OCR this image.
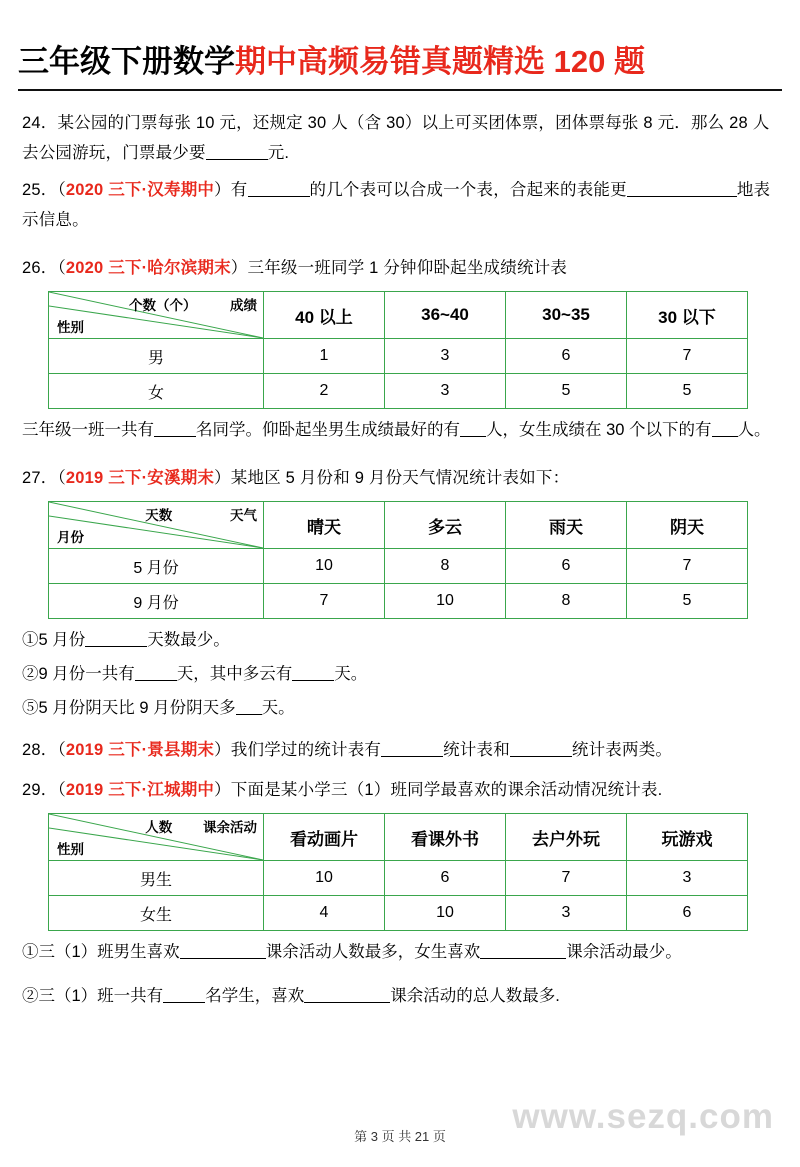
三年级下册数学 期中高频易错真题精选 120 题
24．某公园的门票每张 10 元，还规定 30 人（含 30）以上可买团体票，团体票每张 8 元．那么 28 人去公园游玩，门票最少要	元.
25．（2020 三下·汉寿期中）有	的几个表可以合成一个表，合起来的表能更	地表示信息。
26．（2020 三下·哈尔滨期末）三年级一班同学 1 分钟仰卧起坐成绩统计表
个数（个） 成绩
性别	40 以上	36~40	30~35	30 以下
男	1	3	6	7
女	2	3	5	5
三年级一班一共有	名同学。仰卧起坐男生成绩最好的有 人，女生成绩在 30 个以下的有 人。
27．（2019 三下·安溪期末）某地区 5 月份和 9 月份天气情况统计表如下：
天数 天气
月份	晴天	多云	雨天	阴天
5 月份	10	8	6	7
9 月份	7	10	8	5
①5 月份	天数最少。
②9 月份一共有	天，其中多云有	天。
⑤5 月份阴天比 9 月份阴天多 天。
28．（2019 三下·景县期末）我们学过的统计表有	统计表和	统计表两类。
29．（2019 三下·江城期中）下面是某小学三（1）班同学最喜欢的课余活动情况统计表.
人数 课余活动
性别	看动画片	看课外书	去户外玩	玩游戏
男生	10	6	7	3
女生	4	10	3	6
①三（1）班男生喜欢	课余活动人数最多，女生喜欢	课余活动最少。
②三（1）班一共有	名学生，喜欢	课余活动的总人数最多.
www.sezq.com
第 3 页 共 21 页
